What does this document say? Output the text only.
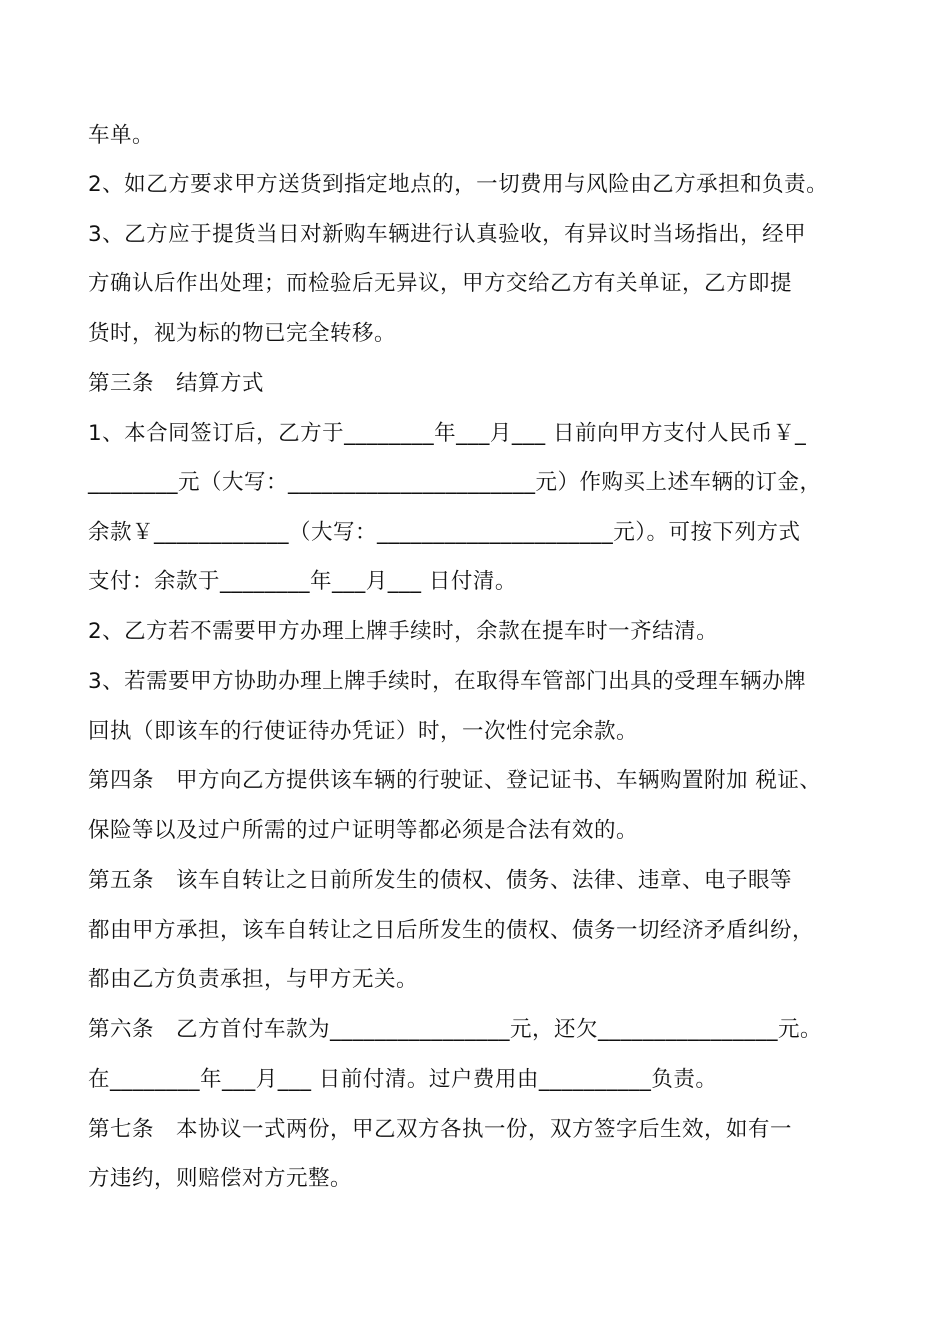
车单。
2、如乙方要求甲方送货到指定地点的，一切费用与风险由乙方承担和负责。
3、乙方应于提货当日对新购车辆进行认真验收，有异议时当场指出，经甲
方确认后作出处理；而检验后无异议，甲方交给乙方有关单证，乙方即提
货时，视为标的物已完全转移。
第三条　结算方式
1、本合同签订后，乙方于________年___月___ 日前向甲方支付人民币￥_
________元（大写：______________________元）作购买上述车辆的订金，
余款￥____________（大写：_____________________元）。可按下列方式
支付：余款于________年___月___ 日付清。
2、乙方若不需要甲方办理上牌手续时，余款在提车时一齐结清。
3、若需要甲方协助办理上牌手续时，在取得车管部门出具的受理车辆办牌
回执（即该车的行使证待办凭证）时，一次性付完余款。
第四条　甲方向乙方提供该车辆的行驶证、登记证书、车辆购置附加 税证、
保险等以及过户所需的过户证明等都必须是合法有效的。
第五条　该车自转让之日前所发生的债权、债务、法律、违章、电子眼等
都由甲方承担，该车自转让之日后所发生的债权、债务一切经济矛盾纠纷，
都由乙方负责承担，与甲方无关。
第六条　乙方首付车款为________________元，还欠________________元。
在________年___月___ 日前付清。过户费用由__________负责。
第七条　本协议一式两份，甲乙双方各执一份，双方签字后生效，如有一
方违约，则赔偿对方元整。
